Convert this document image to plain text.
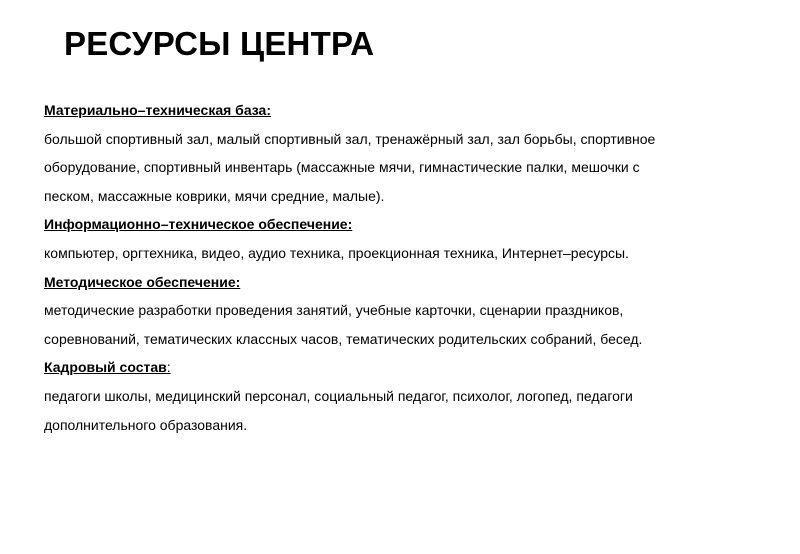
РЕСУРСЫ ЦЕНТРА

Материально–техническая база:

большой спортивный зал, малый спортивный зал, тренажёрный зал, зал борьбы, спортивное

оборудование, спортивный инвентарь (массажные мячи, гимнастические палки, мешочки с

песком, массажные коврики, мячи средние, малые).

Информационно–техническое обеспечение:

компьютер, оргтехника, видео, аудио техника, проекционная техника, Интернет–ресурсы.

Методическое обеспечение:

методические разработки проведения занятий, учебные карточки, сценарии праздников,

соревнований, тематических классных часов, тематических родительских собраний, бесед.

Кадровый состав:

педагоги школы, медицинский персонал, социальный педагог, психолог, логопед, педагоги

дополнительного образования.
